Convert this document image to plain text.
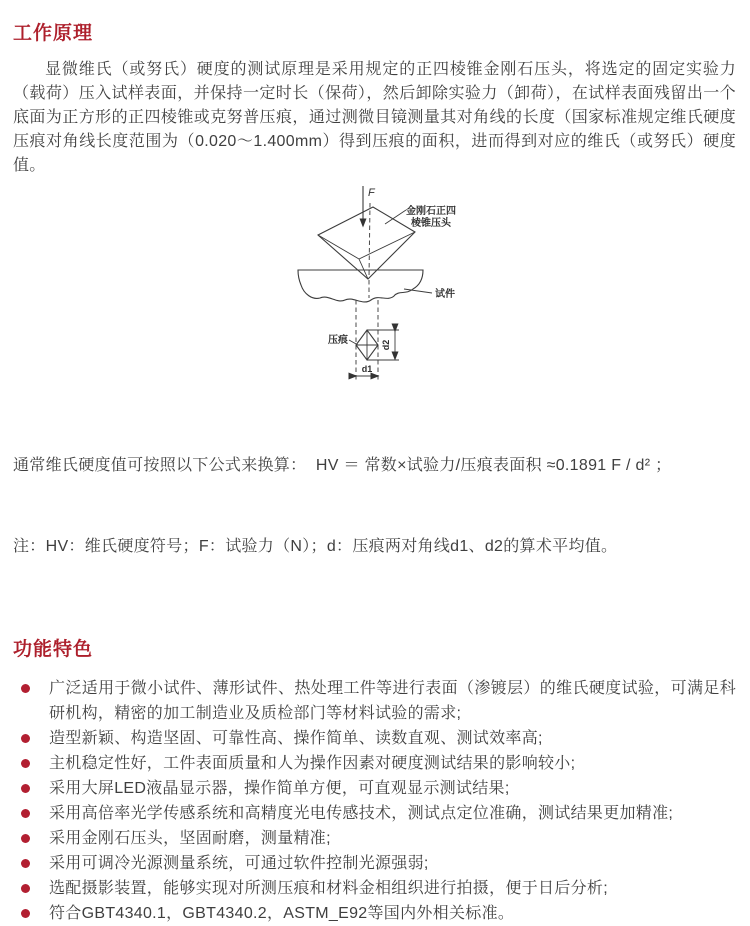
工作原理

显微维氏（或努氏）硬度的测试原理是采用规定的正四棱锥金刚石压头，将选定的固定实验力（载荷）压入试样表面，并保持一定时长（保荷），然后卸除实验力（卸荷），在试样表面残留出一个底面为正方形的正四棱锥或克努普压痕，通过测微目镜测量其对角线的长度（国家标准规定维氏硬度压痕对角线长度范围为（0.020～1.400mm）得到压痕的面积，进而得到对应的维氏（或努氏）硬度值。

F
金刚石正四
棱锥压头
试件
压痕	d2
d1

通常维氏硬度值可按照以下公式来换算：  HV ＝ 常数×试验力/压痕表面积 ≈0.1891 F / d² ；

注：HV：维氏硬度符号；F：试验力（N）；d：压痕两对角线d1、d2的算术平均值。

功能特色
广泛适用于微小试件、薄形试件、热处理工件等进行表面（渗镀层）的维氏硬度试验，可满足科研机构，精密的加工制造业及质检部门等材料试验的需求;
造型新颖、构造坚固、可靠性高、操作简单、读数直观、测试效率高;
主机稳定性好，工件表面质量和人为操作因素对硬度测试结果的影响较小;
采用大屏LED液晶显示器，操作简单方便，可直观显示测试结果;
采用高倍率光学传感系统和高精度光电传感技术，测试点定位准确，测试结果更加精准;
采用金刚石压头，坚固耐磨，测量精准;
采用可调冷光源测量系统，可通过软件控制光源强弱;
选配摄影装置，能够实现对所测压痕和材料金相组织进行拍摄，便于日后分析;
符合GBT4340.1，GBT4340.2，ASTM_E92等国内外相关标准。
